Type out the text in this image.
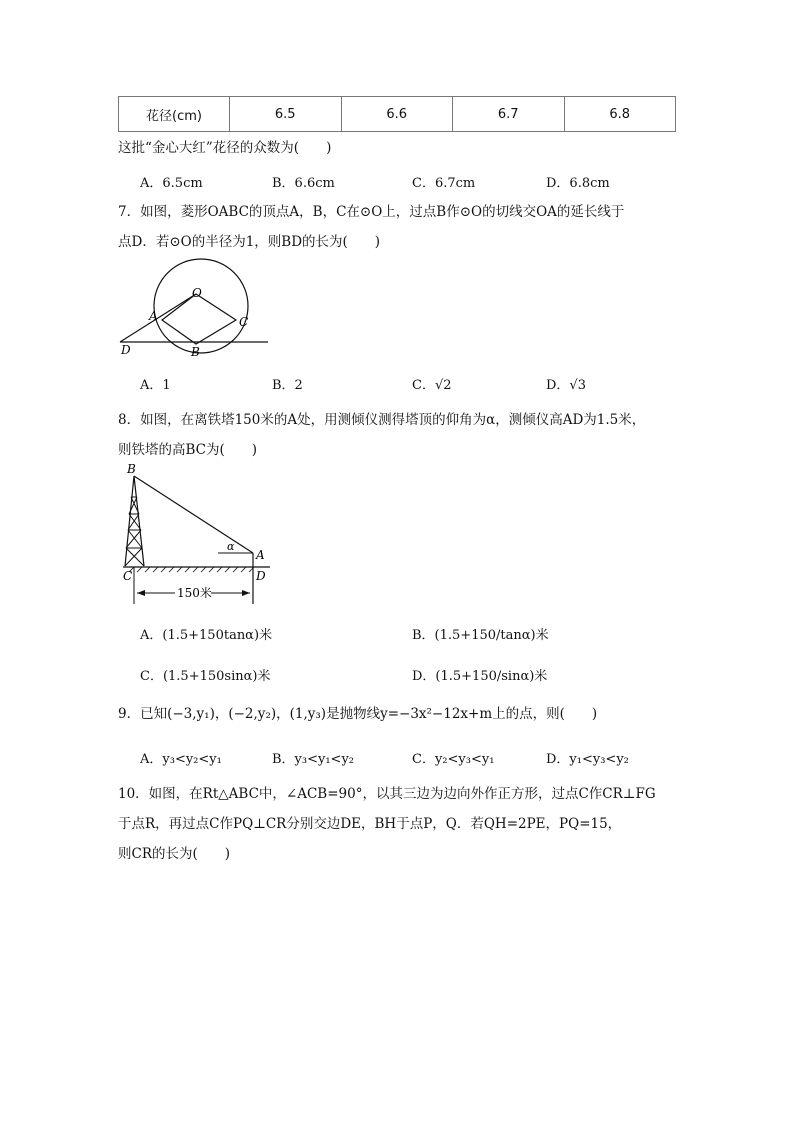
花径(cm)	6.5	6.6	6.7	6.8
这批“金心大红”花径的众数为(　　)
A．6.5cm	B．6.6cm	C．6.7cm	D．6.8cm
7．如图，菱形OABC的顶点A，B，C在⊙O上，过点B作⊙O的切线交OA的延长线于
点D．若⊙O的半径为1，则BD的长为(　　)
O
A	C
D	B
A．1	B．2	C．√2	D．√3
8．如图，在离铁塔150米的A处，用测倾仪测得塔顶的仰角为α，测倾仪高AD为1.5米，
则铁塔的高BC为(　　)
150米
B
α
A
C	D
A．(1.5+150tanα)米	B．(1.5+150/tanα)米
C．(1.5+150sinα)米	D．(1.5+150/sinα)米
9．已知(−3,y₁)，(−2,y₂)，(1,y₃)是抛物线y=−3x²−12x+m上的点，则(　　)
A．y₃<y₂<y₁	B．y₃<y₁<y₂	C．y₂<y₃<y₁	D．y₁<y₃<y₂
10．如图，在Rt△ABC中，∠ACB=90°，以其三边为边向外作正方形，过点C作CR⊥FG
于点R，再过点C作PQ⊥CR分别交边DE，BH于点P，Q．若QH=2PE，PQ=15，
则CR的长为(　　)
